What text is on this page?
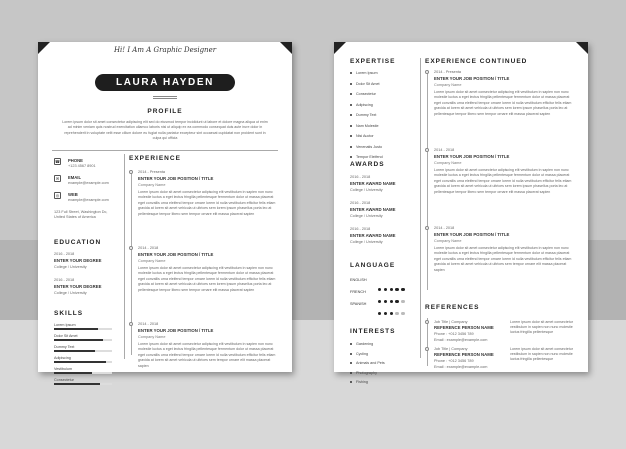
Hi! I Am A Graphic Designer
LAURA HAYDEN
PROFILE
Lorem ipsum dolor sit amet consectetur adipiscing elit sed do eiusmod tempor incididunt ut labore et dolore magna aliqua ut enim ad minim veniam quis nostrud exercitation ullamco laboris nisi ut aliquip ex ea commodo consequat duis aute irure dolor in reprehenderit in voluptate velit esse cillum dolore eu fugiat nulla pariatur excepteur sint occaecat cupidatat non proident sunt in culpa qui officia
☎ PHONE
+123 4567 8901
✉	EMAIL
example@example.com
◎	WEB
example@example.com
123 Full Street, Washington Dc, United States of America
EDUCATION
2016 - 2018
ENTER YOUR DEGREE
College / University
2016 - 2018
ENTER YOUR DEGREE
College / University
SKILLS
Lorem Ipsum
Dolor Sit Amet
Dummy Text
Adipiscing
Vestibulum
Consectetur
EXPERIENCE
2014 - Presenta
ENTER YOUR JOB POSITION / TITLE
Company Name
Lorem ipsum dolor sit amet consectetur adipiscing elit vestibulum in sapien non nunc molestie luctus a eget lectus fringilla pellentesque fermentum dolor ut massa placerat eget convallis urna eleifend tempor ornare lorem id nulla vestibulum efficitur felis etiam gravida at lorem sit amet vehicula ut ultrices sem lorem ipsum phasellus porta leo at pellentesque tempor libero sem tempor ornare elit massa placerat sapien
2014 - 2018
ENTER YOUR JOB POSITION / TITLE
Company Name
Lorem ipsum dolor sit amet consectetur adipiscing elit vestibulum in sapien non nunc molestie luctus a eget lectus fringilla pellentesque fermentum dolor ut massa placerat eget convallis urna eleifend tempor ornare lorem id nulla vestibulum efficitur felis etiam gravida at lorem sit amet vehicula ut ultrices sem lorem ipsum phasellus porta leo at pellentesque tempor libero sem tempor ornare elit massa placerat sapien
2014 - 2018
ENTER YOUR JOB POSITION / TITLE
Company Name
Lorem ipsum dolor sit amet consectetur adipiscing elit vestibulum in sapien non nunc molestie luctus a eget lectus fringilla pellentesque fermentum dolor ut massa placerat eget convallis urna eleifend tempor ornare lorem id nulla vestibulum efficitur felis etiam gravida at lorem sit amet vehicula ut ultrices sem tempor ornare elit massa placerat sapien
EXPERTISE
Lorem Ipsum
Dolor Sit Amet
Consectetur
Adipiscing
Dummy Text
Nam Molestie
Nisi Auctor
Venenatis Justo
Tempor Eleifend
AWARDS
2016 - 2018
ENTER AWARD NAME
College / University
2016 - 2018
ENTER AWARD NAME
College / University
2016 - 2018
ENTER AWARD NAME
College / University
LANGUAGE
ENGLISH
FRENCH
SPANISH
INTERESTS
Gardening
Cycling
Animals and Pets
Photography
Fishing
EXPERIENCE CONTINUED
2014 - Presenta
ENTER YOUR JOB POSITION / TITLE
Company Name
Lorem ipsum dolor sit amet consectetur adipiscing elit vestibulum in sapien non nunc molestie luctus a eget lectus fringilla pellentesque fermentum dolor ut massa placerat eget convallis urna eleifend tempor ornare lorem id nulla vestibulum efficitur felis etiam gravida at lorem sit amet vehicula ut ultrices sem lorem ipsum phasellus porta leo at pellentesque tempor libero sem tempor ornare elit massa placerat sapien
2014 - 2018
ENTER YOUR JOB POSITION / TITLE
Company Name
Lorem ipsum dolor sit amet consectetur adipiscing elit vestibulum in sapien non nunc molestie luctus a eget lectus fringilla pellentesque fermentum dolor ut massa placerat eget convallis urna eleifend tempor ornare lorem id nulla vestibulum efficitur felis etiam gravida at lorem sit amet vehicula ut ultrices sem lorem ipsum phasellus porta leo at pellentesque tempor libero sem tempor ornare elit massa placerat sapien
2014 - 2018
ENTER YOUR JOB POSITION / TITLE
Company Name
Lorem ipsum dolor sit amet consectetur adipiscing elit vestibulum in sapien non nunc molestie luctus a eget lectus fringilla pellentesque fermentum dolor ut massa placerat eget convallis urna eleifend tempor ornare lorem id nulla vestibulum efficitur felis etiam gravida at lorem sit amet vehicula ut ultrices sem tempor ornare elit massa placerat sapien
REFERENCES
Job Title | Company
REFERENCE PERSON NAME
Phone : +012 3456 789
Email : example@example.com
Lorem ipsum dolor sit amet consectetur vestibulum in sapien non nunc molestie luctus fringilla pellentesque
Job Title | Company
REFERENCE PERSON NAME
Phone : +012 3456 789
Email : example@example.com
Lorem ipsum dolor sit amet consectetur vestibulum in sapien non nunc molestie luctus fringilla pellentesque
